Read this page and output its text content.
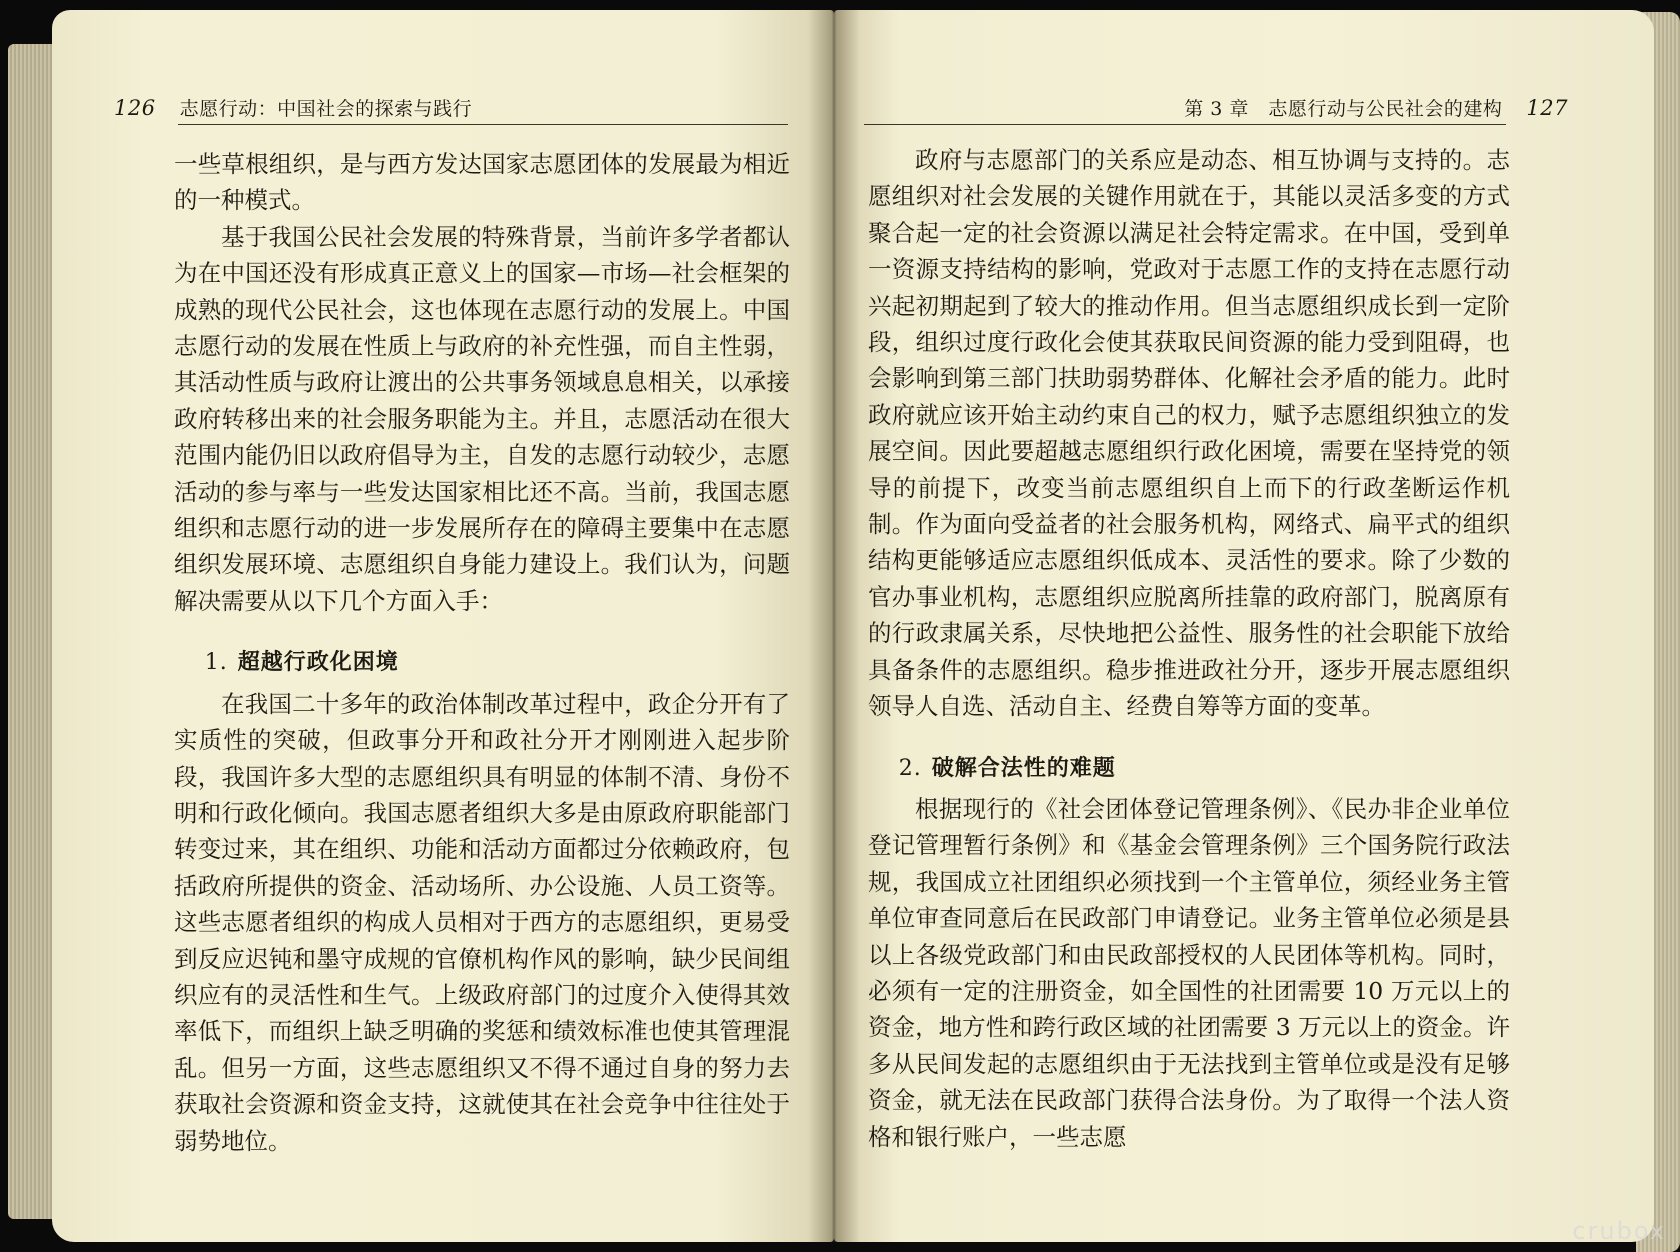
126 志愿行动：中国社会的探索与践行

一些草根组织，是与西方发达国家志愿团体的发展最为相近的一种模式。

基于我国公民社会发展的特殊背景，当前许多学者都认为在中国还没有形成真正意义上的国家—市场—社会框架的成熟的现代公民社会，这也体现在志愿行动的发展上。中国志愿行动的发展在性质上与政府的补充性强，而自主性弱，其活动性质与政府让渡出的公共事务领域息息相关，以承接政府转移出来的社会服务职能为主。并且，志愿活动在很大范围内能仍旧以政府倡导为主，自发的志愿行动较少，志愿活动的参与率与一些发达国家相比还不高。当前，我国志愿组织和志愿行动的进一步发展所存在的障碍主要集中在志愿组织发展环境、志愿组织自身能力建设上。我们认为，问题解决需要从以下几个方面入手：

1. 超越行政化困境

在我国二十多年的政治体制改革过程中，政企分开有了实质性的突破，但政事分开和政社分开才刚刚进入起步阶段，我国许多大型的志愿组织具有明显的体制不清、身份不明和行政化倾向。我国志愿者组织大多是由原政府职能部门转变过来，其在组织、功能和活动方面都过分依赖政府，包括政府所提供的资金、活动场所、办公设施、人员工资等。这些志愿者组织的构成人员相对于西方的志愿组织，更易受到反应迟钝和墨守成规的官僚机构作风的影响，缺少民间组织应有的灵活性和生气。上级政府部门的过度介入使得其效率低下，而组织上缺乏明确的奖惩和绩效标准也使其管理混乱。但另一方面，这些志愿组织又不得不通过自身的努力去获取社会资源和资金支持，这就使其在社会竞争中往往处于弱势地位。

第 3 章　志愿行动与公民社会的建构 127

政府与志愿部门的关系应是动态、相互协调与支持的。志愿组织对社会发展的关键作用就在于，其能以灵活多变的方式聚合起一定的社会资源以满足社会特定需求。在中国，受到单一资源支持结构的影响，党政对于志愿工作的支持在志愿行动兴起初期起到了较大的推动作用。但当志愿组织成长到一定阶段，组织过度行政化会使其获取民间资源的能力受到阻碍，也会影响到第三部门扶助弱势群体、化解社会矛盾的能力。此时政府就应该开始主动约束自己的权力，赋予志愿组织独立的发展空间。因此要超越志愿组织行政化困境，需要在坚持党的领导的前提下，改变当前志愿组织自上而下的行政垄断运作机制。作为面向受益者的社会服务机构，网络式、扁平式的组织结构更能够适应志愿组织低成本、灵活性的要求。除了少数的官办事业机构，志愿组织应脱离所挂靠的政府部门，脱离原有的行政隶属关系，尽快地把公益性、服务性的社会职能下放给具备条件的志愿组织。稳步推进政社分开，逐步开展志愿组织领导人自选、活动自主、经费自筹等方面的变革。

2. 破解合法性的难题

根据现行的《社会团体登记管理条例》、《民办非企业单位登记管理暂行条例》和《基金会管理条例》三个国务院行政法规，我国成立社团组织必须找到一个主管单位，须经业务主管单位审查同意后在民政部门申请登记。业务主管单位必须是县以上各级党政部门和由民政部授权的人民团体等机构。同时，必须有一定的注册资金，如全国性的社团需要 10 万元以上的资金，地方性和跨行政区域的社团需要 3 万元以上的资金。许多从民间发起的志愿组织由于无法找到主管单位或是没有足够资金，就无法在民政部门获得合法身份。为了取得一个法人资格和银行账户，一些志愿

crubox
